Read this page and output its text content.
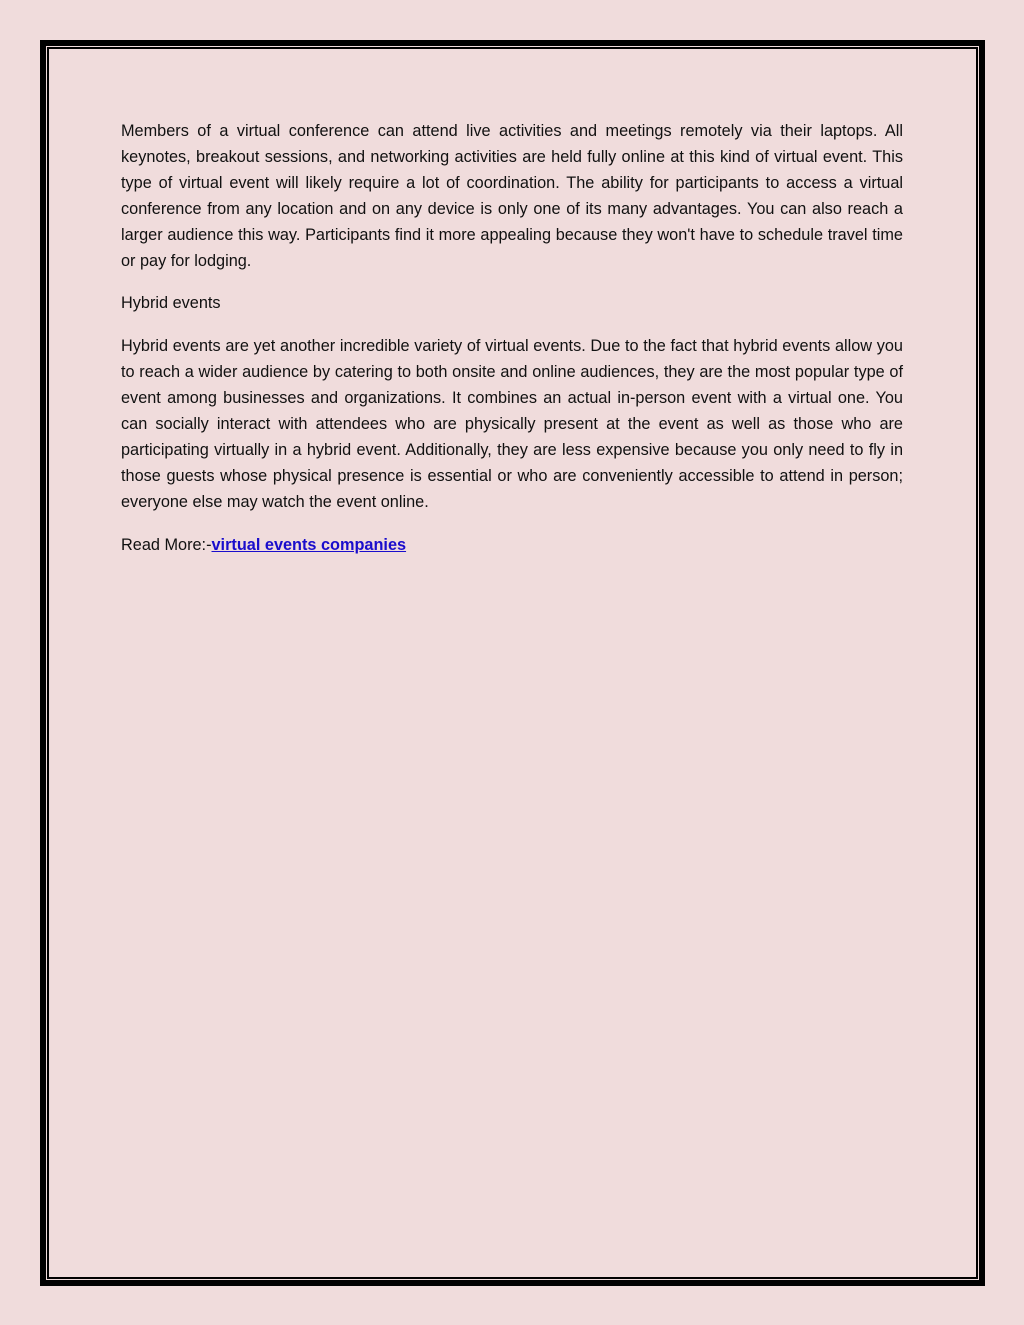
Members of a virtual conference can attend live activities and meetings remotely via their laptops. All keynotes, breakout sessions, and networking activities are held fully online at this kind of virtual event. This type of virtual event will likely require a lot of coordination. The ability for participants to access a virtual conference from any location and on any device is only one of its many advantages. You can also reach a larger audience this way. Participants find it more appealing because they won't have to schedule travel time or pay for lodging.

Hybrid events

Hybrid events are yet another incredible variety of virtual events. Due to the fact that hybrid events allow you to reach a wider audience by catering to both onsite and online audiences, they are the most popular type of event among businesses and organizations. It combines an actual in-person event with a virtual one. You can socially interact with attendees who are physically present at the event as well as those who are participating virtually in a hybrid event. Additionally, they are less expensive because you only need to fly in those guests whose physical presence is essential or who are conveniently accessible to attend in person; everyone else may watch the event online.

Read More:-virtual events companies
